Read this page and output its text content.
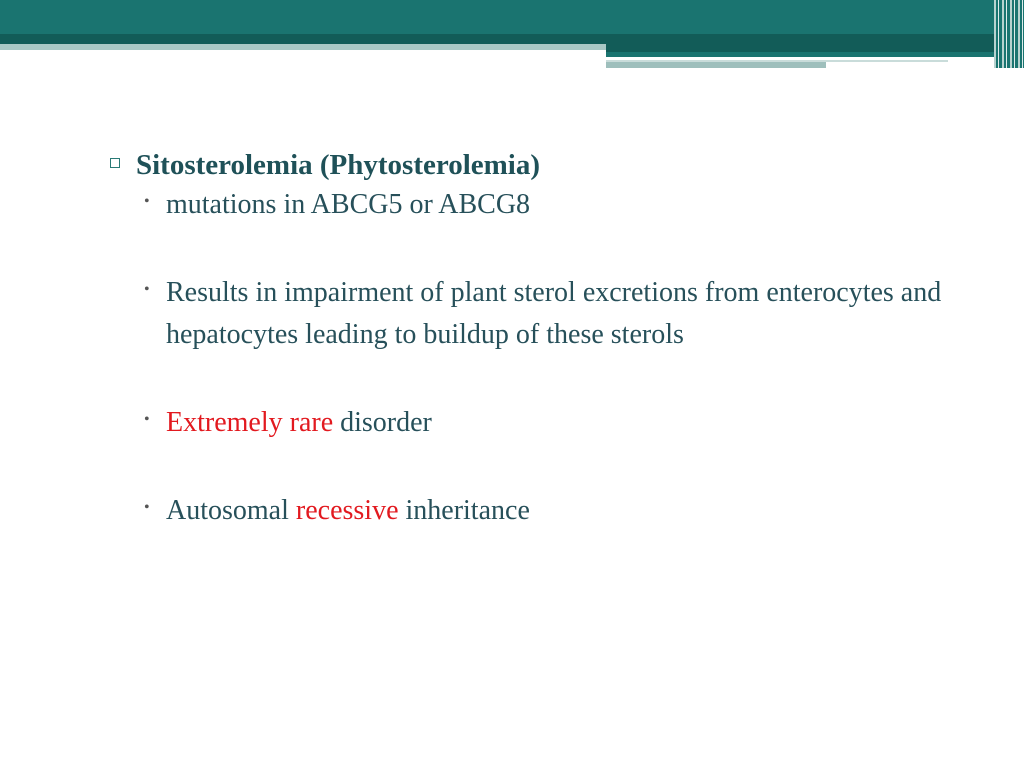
Sitosterolemia (Phytosterolemia)
• mutations in ABCG5 or ABCG8
• Results in impairment of plant sterol excretions from enterocytes and hepatocytes leading to buildup of these sterols
• Extremely rare disorder
• Autosomal recessive inheritance
